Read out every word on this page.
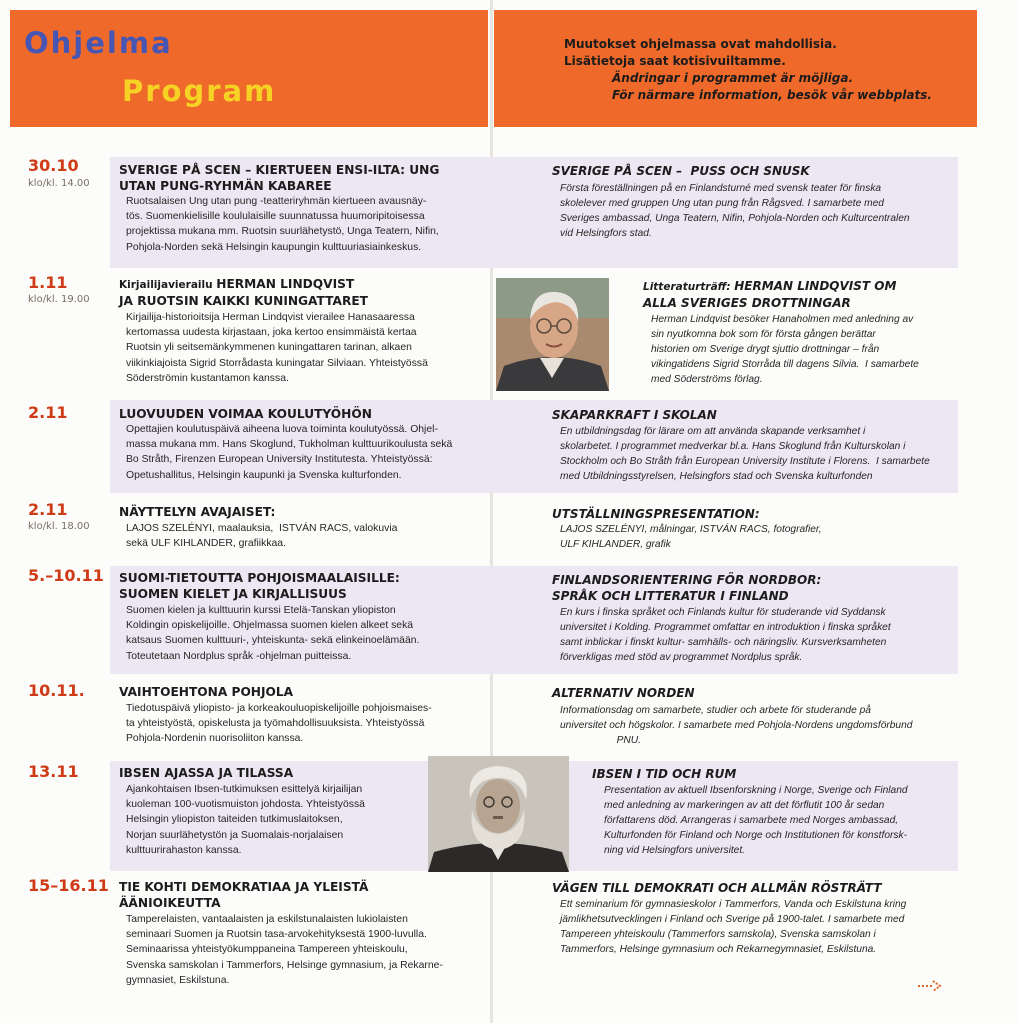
Ohjelma
Program
Muutokset ohjelmassa ovat mahdollisia.
Lisätietoja saat kotisivuiltamme.
Ändringar i programmet är möjliga.
För närmare information, besök vår webbplats.
30.10
klo/kl. 14.00
SVERIGE PÅ SCEN – KIERTUEEN ENSI-ILTA: UNG
UTAN PUNG-RYHMÄN KABAREE
Ruotsalaisen Ung utan pung -teatteriryhmän kiertueen avausnäy-
tös. Suomenkielisille koululaisille suunnatussa huumoripitoisessa
projektissa mukana mm. Ruotsin suurlähetystö, Unga Teatern, Nifin,
Pohjola-Norden sekä Helsingin kaupungin kulttuuriasiainkeskus.
SVERIGE PÅ SCEN –  PUSS OCH SNUSK
Första föreställningen på en Finlandsturné med svensk teater för finska
skolelever med gruppen Ung utan pung från Rågsved. I samarbete med
Sveriges ambassad, Unga Teatern, Nifin, Pohjola-Norden och Kulturcentralen
vid Helsingfors stad.
1.11
klo/kl. 19.00
Kirjailijavierailu HERMAN LINDQVIST
JA RUOTSIN KAIKKI KUNINGATTARET
Kirjailija-historioitsija Herman Lindqvist vierailee Hanasaaressa
kertomassa uudesta kirjastaan, joka kertoo ensimmäistä kertaa
Ruotsin yli seitsemänkymmenen kuningattaren tarinan, alkaen
viikinkiajoista Sigrid Storrådasta kuningatar Silviaan. Yhteistyössä
Söderströmin kustantamon kanssa.
Litteraturträff: HERMAN LINDQVIST OM
ALLA SVERIGES DROTTNINGAR
Herman Lindqvist besöker Hanaholmen med anledning av
sin nyutkomna bok som för första gången berättar
historien om Sverige drygt sjuttio drottningar – från
vikingatidens Sigrid Storråda till dagens Silvia.  I samarbete
med Söderströms förlag.
2.11	LUOVUUDEN VOIMAA KOULUTYÖHÖN
Opettajien koulutuspäivä aiheena luova toiminta koulutyössä. Ohjel-
massa mukana mm. Hans Skoglund, Tukholman kulttuurikoulusta sekä
Bo Stråth, Firenzen European University Institutesta. Yhteistyössä:
Opetushallitus, Helsingin kaupunki ja Svenska kulturfonden.
SKAPARKRAFT I SKOLAN
En utbildningsdag för lärare om att använda skapande verksamhet i
skolarbetet. I programmet medverkar bl.a. Hans Skoglund från Kulturskolan i
Stockholm och Bo Stråth från European University Institute i Florens.  I samarbete
med Utbildningsstyrelsen, Helsingfors stad och Svenska kulturfonden
2.11
klo/kl. 18.00
NÄYTTELYN AVAJAISET:
LAJOS SZELÉNYI, maalauksia,  ISTVÁN RACS, valokuvia
sekä ULF KIHLANDER, grafiikkaa.
UTSTÄLLNINGSPRESENTATION:
LAJOS SZELÉNYI, målningar, ISTVÁN RACS, fotografier,
ULF KIHLANDER, grafik
5.–10.11 SUOMI-TIETOUTTA POHJOISMAALAISILLE:
SUOMEN KIELET JA KIRJALLISUUS
Suomen kielen ja kulttuurin kurssi Etelä-Tanskan yliopiston
Koldingin opiskelijoille. Ohjelmassa suomen kielen alkeet sekä
katsaus Suomen kulttuuri-, yhteiskunta- sekä elinkeinoelämään.
Toteutetaan Nordplus språk -ohjelman puitteissa.
FINLANDSORIENTERING FÖR NORDBOR:
SPRÅK OCH LITTERATUR I FINLAND
En kurs i finska språket och Finlands kultur för studerande vid Syddansk
universitet i Kolding. Programmet omfattar en introduktion i finska språket
samt inblickar i finskt kultur- samhälls- och näringsliv. Kursverksamheten
förverkligas med stöd av programmet Nordplus språk.
10.11.	VAIHTOEHTONA POHJOLA
Tiedotuspäivä yliopisto- ja korkeakouluopiskelijoille pohjoismaises-
ta yhteistyöstä, opiskelusta ja työmahdollisuuksista. Yhteistyössä
Pohjola-Nordenin nuorisoliiton kanssa.
ALTERNATIV NORDEN
Informationsdag om samarbete, studier och arbete för studerande på
universitet och högskolor. I samarbete med Pohjola-Nordens ungdomsförbund
PNU.
13.11	IBSEN AJASSA JA TILASSA
Ajankohtaisen Ibsen-tutkimuksen esittelyä kirjailijan
kuoleman 100-vuotismuiston johdosta. Yhteistyössä
Helsingin yliopiston taiteiden tutkimuslaitoksen,
Norjan suurlähetystön ja Suomalais-norjalaisen
kulttuurirahaston kanssa.
IBSEN I TID OCH RUM
Presentation av aktuell Ibsenforskning i Norge, Sverige och Finland
med anledning av markeringen av att det förflutit 100 år sedan
författarens död. Arrangeras i samarbete med Norges ambassad,
Kulturfonden för Finland och Norge och Institutionen för konstforsk-
ning vid Helsingfors universitet.
15–16.11 TIE KOHTI DEMOKRATIAA JA YLEISTÄ
ÄÄNIOIKEUTTA
Tamperelaisten, vantaalaisten ja eskilstunalaisten lukiolaisten
seminaari Suomen ja Ruotsin tasa-arvokehityksestä 1900-luvulla.
Seminaarissa yhteistyökumppaneina Tampereen yhteiskoulu,
Svenska samskolan i Tammerfors, Helsinge gymnasium, ja Rekarne-
gymnasiet, Eskilstuna.
VÄGEN TILL DEMOKRATI OCH ALLMÄN RÖSTRÄTT
Ett seminarium för gymnasieskolor i Tammerfors, Vanda och Eskilstuna kring
jämlikhetsutvecklingen i Finland och Sverige på 1900-talet. I samarbete med
Tampereen yhteiskoulu (Tammerfors samskola), Svenska samskolan i
Tammerfors, Helsinge gymnasium och Rekarnegymnasiet, Eskilstuna.
